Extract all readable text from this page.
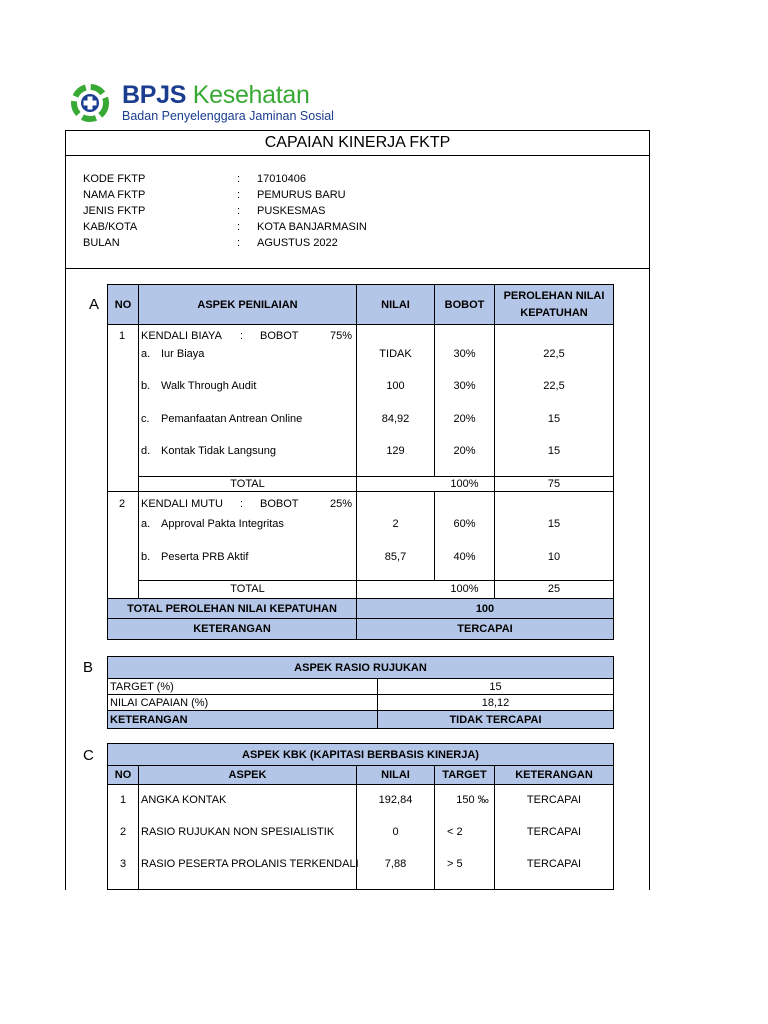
BPJS Kesehatan
Badan Penyelenggara Jaminan Sosial
CAPAIAN KINERJA FKTP
KODE FKTP	: 17010406
NAMA FKTP	: PEMURUS BARU
JENIS FKTP	: PUSKESMAS
KAB/KOTA	: KOTA BANJARMASIN
BULAN	: AGUSTUS 2022
A	NO	ASPEK PENILAIAN	NILAI	BOBOT
PEROLEHAN NILAI
KEPATUHAN
1 KENDALI BIAYA : BOBOT	75%
a. Iur Biaya	TIDAK	30%	22,5
b. Walk Through Audit	100	30%	22,5
c. Pemanfaatan Antrean Online	84,92	20%	15
d. Kontak Tidak Langsung	129	20%	15
TOTAL	100%	75
2 KENDALI MUTU : BOBOT	25%
a. Approval Pakta Integritas	2	60%	15
b. Peserta PRB Aktif	85,7	40%	10
TOTAL	100%	25
TOTAL PEROLEHAN NILAI KEPATUHAN	100
KETERANGAN	TERCAPAI
B	ASPEK RASIO RUJUKAN
TARGET (%)	15
NILAI CAPAIAN (%)	18,12
KETERANGAN	TIDAK TERCAPAI
C	ASPEK KBK (KAPITASI BERBASIS KINERJA)
NO	ASPEK	NILAI	TARGET	KETERANGAN
1	ANGKA KONTAK	192,84	150 ‰	TERCAPAI
2	RASIO RUJUKAN NON SPESIALISTIK	0	< 2	TERCAPAI
3	RASIO PESERTA PROLANIS TERKENDALI	7,88	> 5	TERCAPAI
